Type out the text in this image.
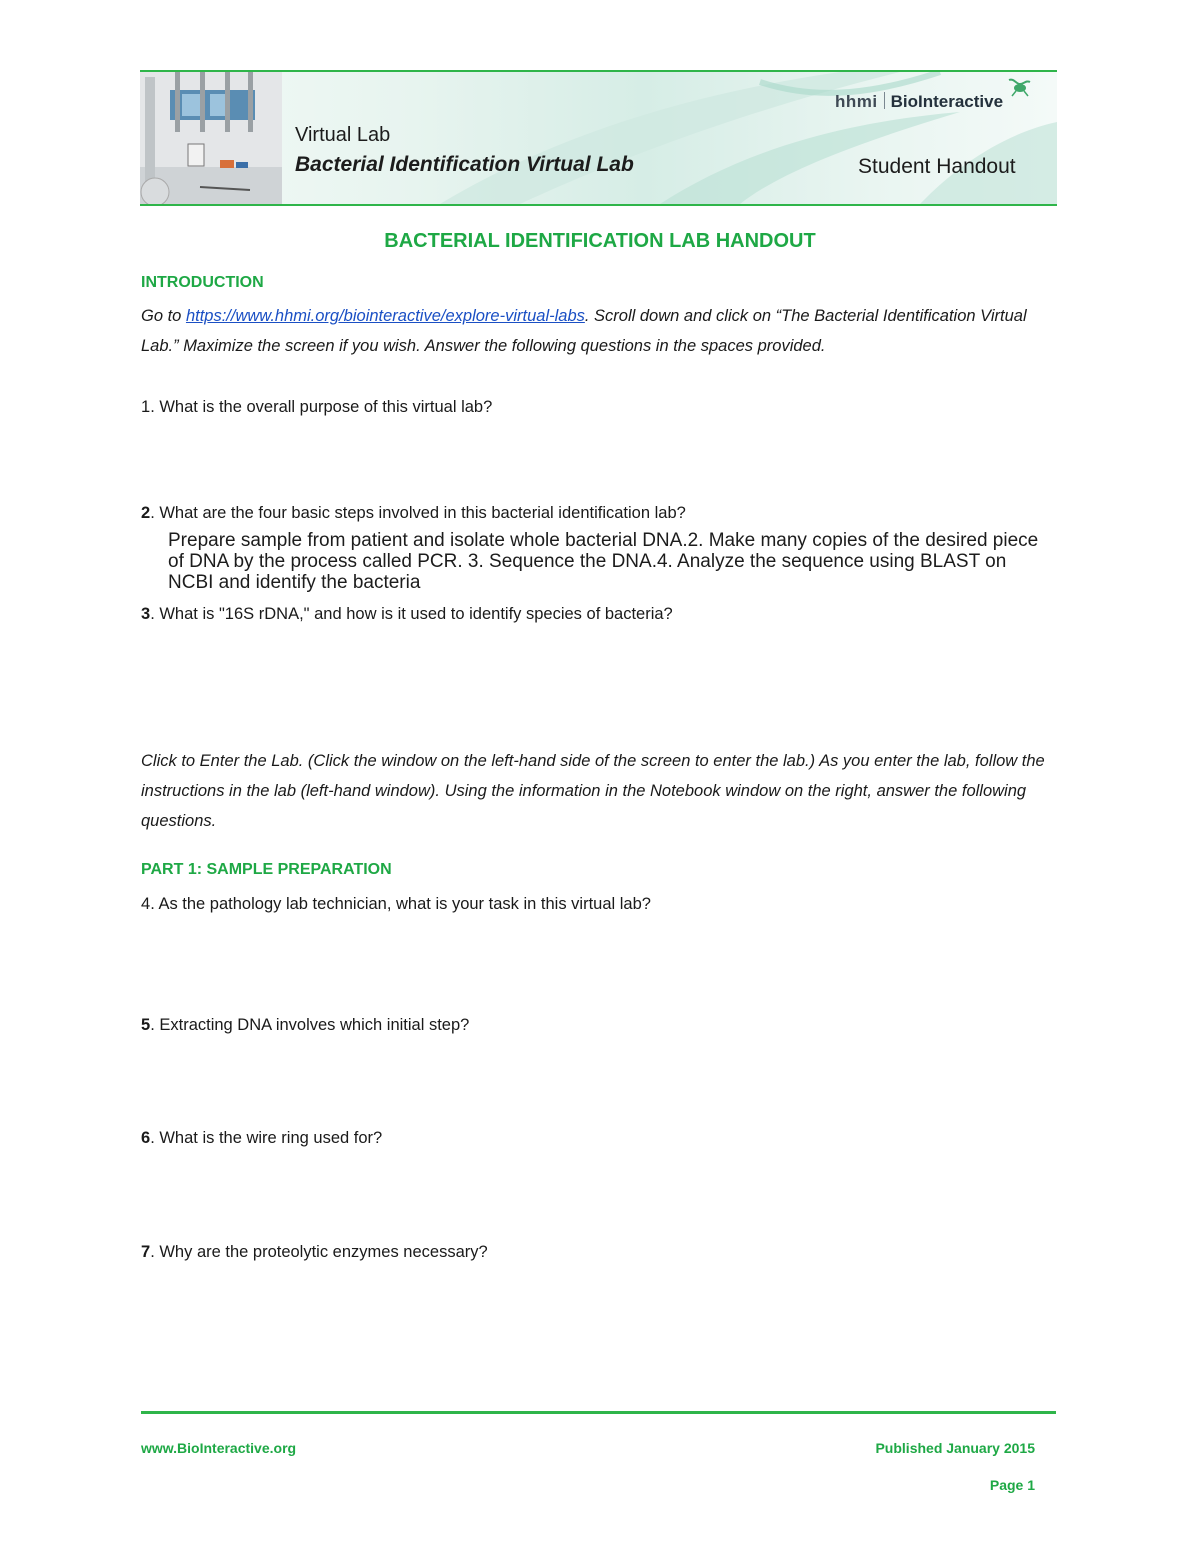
hhmi BioInteractive
Virtual Lab
Bacterial Identification Virtual Lab	Student Handout
BACTERIAL IDENTIFICATION LAB HANDOUT
INTRODUCTION
Go to https://www.hhmi.org/biointeractive/explore-virtual-labs. Scroll down and click on “The Bacterial Identification Virtual Lab.” Maximize the screen if you wish. Answer the following questions in the spaces provided.
1. What is the overall purpose of this virtual lab?
2. What are the four basic steps involved in this bacterial identification lab?
Prepare sample from patient and isolate whole bacterial DNA.2. Make many copies of the desired piece of DNA by the process called PCR. 3. Sequence the DNA.4. Analyze the sequence using BLAST on NCBI and identify the bacteria
3. What is "16S rDNA," and how is it used to identify species of bacteria?
Click to Enter the Lab. (Click the window on the left-hand side of the screen to enter the lab.) As you enter the lab, follow the instructions in the lab (left-hand window). Using the information in the Notebook window on the right, answer the following questions.
PART 1: SAMPLE PREPARATION
4. As the pathology lab technician, what is your task in this virtual lab?
5. Extracting DNA involves which initial step?
6. What is the wire ring used for?
7. Why are the proteolytic enzymes necessary?
www.BioInteractive.org	Published January 2015
Page 1
